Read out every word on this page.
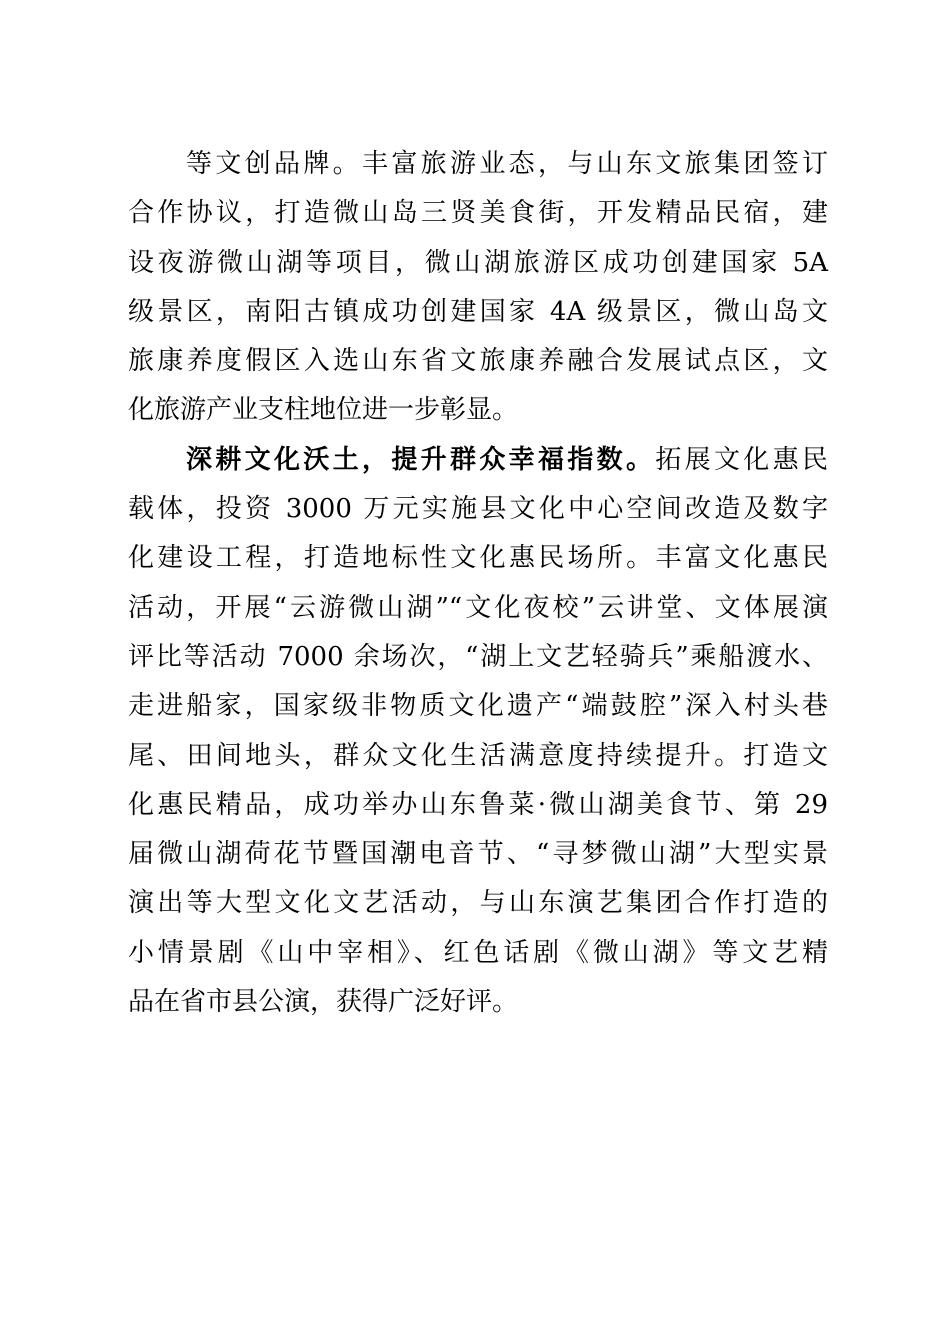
等文创品牌。丰富旅游业态，与山东文旅集团签订
合作协议，打造微山岛三贤美食街，开发精品民宿，建
设夜游微山湖等项目，微山湖旅游区成功创建国家 5A
级景区，南阳古镇成功创建国家 4A 级景区，微山岛文
旅康养度假区入选山东省文旅康养融合发展试点区，文
化旅游产业支柱地位进一步彰显。
深耕文化沃土，提升群众幸福指数。拓展文化惠民
载体，投资 3000 万元实施县文化中心空间改造及数字
化建设工程，打造地标性文化惠民场所。丰富文化惠民
活动，开展“云游微山湖”“文化夜校”云讲堂、文体展演
评比等活动 7000 余场次，“湖上文艺轻骑兵”乘船渡水、
走进船家，国家级非物质文化遗产“端鼓腔”深入村头巷
尾、田间地头，群众文化生活满意度持续提升。打造文
化惠民精品，成功举办山东鲁菜·微山湖美食节、第 29
届微山湖荷花节暨国潮电音节、“寻梦微山湖”大型实景
演出等大型文化文艺活动，与山东演艺集团合作打造的
小情景剧《山中宰相》、红色话剧《微山湖》等文艺精
品在省市县公演，获得广泛好评。
